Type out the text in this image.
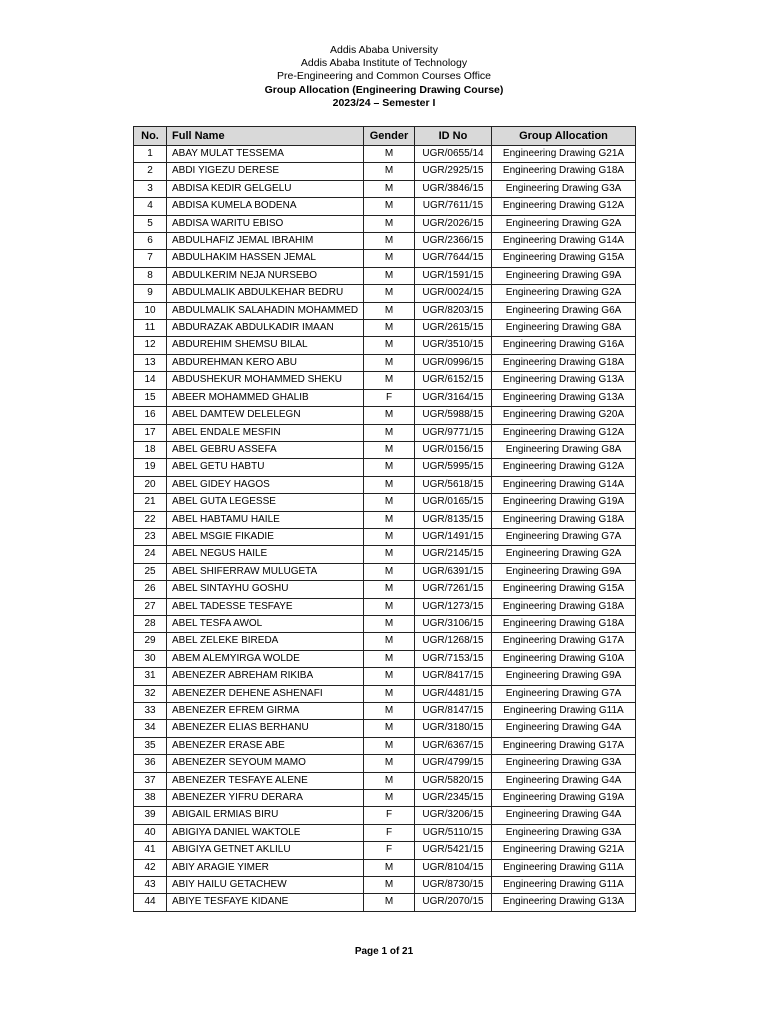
Addis Ababa University
Addis Ababa Institute of Technology
Pre-Engineering and Common Courses Office
Group Allocation (Engineering Drawing Course)
2023/24 – Semester I
No.	Full Name	Gender	ID No	Group Allocation
1	ABAY MULAT TESSEMA	M	UGR/0655/14	Engineering Drawing G21A
2	ABDI YIGEZU DERESE	M	UGR/2925/15	Engineering Drawing G18A
3	ABDISA KEDIR GELGELU	M	UGR/3846/15	Engineering Drawing G3A
4	ABDISA KUMELA BODENA	M	UGR/7611/15	Engineering Drawing G12A
5	ABDISA WARITU EBISO	M	UGR/2026/15	Engineering Drawing G2A
6	ABDULHAFIZ JEMAL IBRAHIM	M	UGR/2366/15	Engineering Drawing G14A
7	ABDULHAKIM HASSEN JEMAL	M	UGR/7644/15	Engineering Drawing G15A
8	ABDULKERIM NEJA NURSEBO	M	UGR/1591/15	Engineering Drawing G9A
9	ABDULMALIK ABDULKEHAR BEDRU	M	UGR/0024/15	Engineering Drawing G2A
10	ABDULMALIK SALAHADIN MOHAMMED	M	UGR/8203/15	Engineering Drawing G6A
11	ABDURAZAK ABDULKADIR IMAAN	M	UGR/2615/15	Engineering Drawing G8A
12	ABDUREHIM SHEMSU BILAL	M	UGR/3510/15	Engineering Drawing G16A
13	ABDUREHMAN KERO ABU	M	UGR/0996/15	Engineering Drawing G18A
14	ABDUSHEKUR MOHAMMED SHEKU	M	UGR/6152/15	Engineering Drawing G13A
15	ABEER MOHAMMED GHALIB	F	UGR/3164/15	Engineering Drawing G13A
16	ABEL DAMTEW DELELEGN	M	UGR/5988/15	Engineering Drawing G20A
17	ABEL ENDALE MESFIN	M	UGR/9771/15	Engineering Drawing G12A
18	ABEL GEBRU ASSEFA	M	UGR/0156/15	Engineering Drawing G8A
19	ABEL GETU HABTU	M	UGR/5995/15	Engineering Drawing G12A
20	ABEL GIDEY HAGOS	M	UGR/5618/15	Engineering Drawing G14A
21	ABEL GUTA LEGESSE	M	UGR/0165/15	Engineering Drawing G19A
22	ABEL HABTAMU HAILE	M	UGR/8135/15	Engineering Drawing G18A
23	ABEL MSGIE FIKADIE	M	UGR/1491/15	Engineering Drawing G7A
24	ABEL NEGUS HAILE	M	UGR/2145/15	Engineering Drawing G2A
25	ABEL SHIFERRAW MULUGETA	M	UGR/6391/15	Engineering Drawing G9A
26	ABEL SINTAYHU GOSHU	M	UGR/7261/15	Engineering Drawing G15A
27	ABEL TADESSE TESFAYE	M	UGR/1273/15	Engineering Drawing G18A
28	ABEL TESFA AWOL	M	UGR/3106/15	Engineering Drawing G18A
29	ABEL ZELEKE BIREDA	M	UGR/1268/15	Engineering Drawing G17A
30	ABEM ALEMYIRGA WOLDE	M	UGR/7153/15	Engineering Drawing G10A
31	ABENEZER ABREHAM RIKIBA	M	UGR/8417/15	Engineering Drawing G9A
32	ABENEZER DEHENE ASHENAFI	M	UGR/4481/15	Engineering Drawing G7A
33	ABENEZER EFREM GIRMA	M	UGR/8147/15	Engineering Drawing G11A
34	ABENEZER ELIAS BERHANU	M	UGR/3180/15	Engineering Drawing G4A
35	ABENEZER ERASE ABE	M	UGR/6367/15	Engineering Drawing G17A
36	ABENEZER SEYOUM MAMO	M	UGR/4799/15	Engineering Drawing G3A
37	ABENEZER TESFAYE ALENE	M	UGR/5820/15	Engineering Drawing G4A
38	ABENEZER YIFRU DERARA	M	UGR/2345/15	Engineering Drawing G19A
39	ABIGAIL ERMIAS BIRU	F	UGR/3206/15	Engineering Drawing G4A
40	ABIGIYA DANIEL WAKTOLE	F	UGR/5110/15	Engineering Drawing G3A
41	ABIGIYA GETNET AKLILU	F	UGR/5421/15	Engineering Drawing G21A
42	ABIY ARAGIE YIMER	M	UGR/8104/15	Engineering Drawing G11A
43	ABIY HAILU GETACHEW	M	UGR/8730/15	Engineering Drawing G11A
44	ABIYE TESFAYE KIDANE	M	UGR/2070/15	Engineering Drawing G13A
Page 1 of 21
